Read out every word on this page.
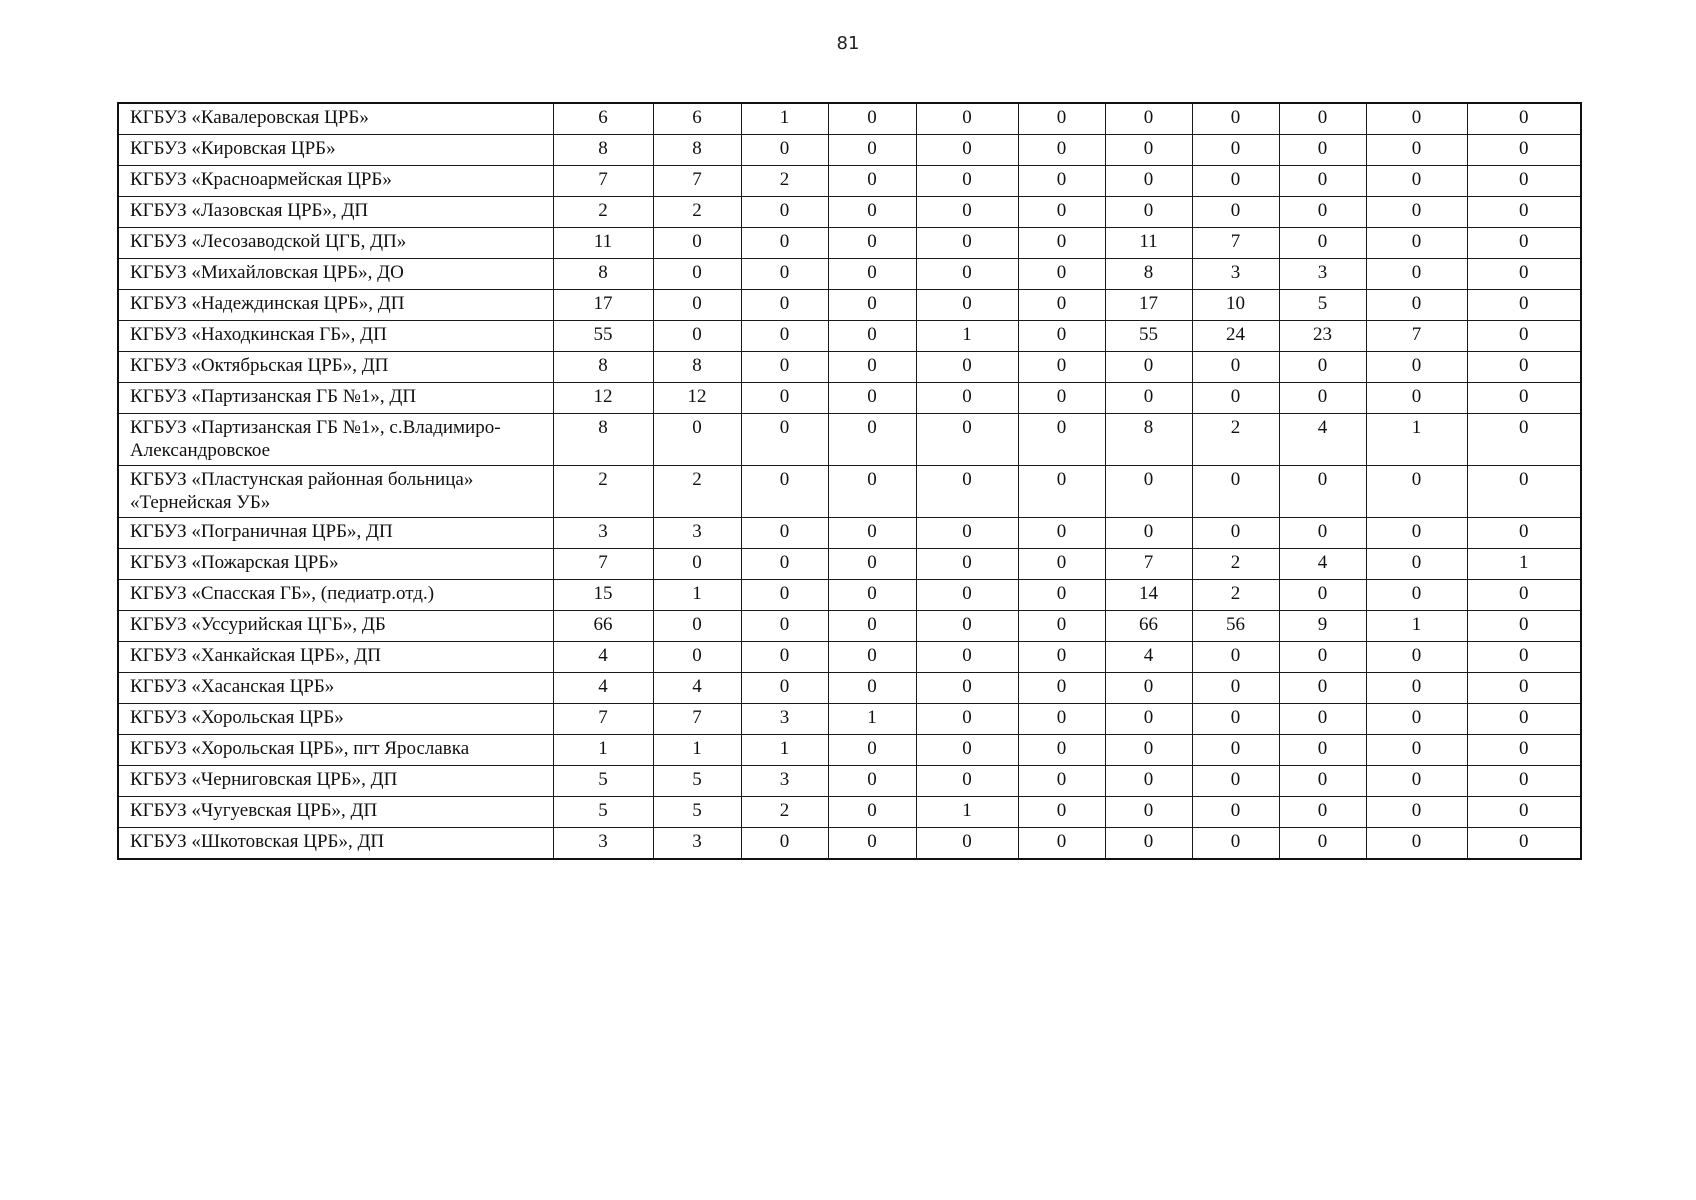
81
КГБУЗ «Кавалеровская ЦРБ»	6	6	1	0	0	0	0	0	0	0	0
КГБУЗ «Кировская ЦРБ»	8	8	0	0	0	0	0	0	0	0	0
КГБУЗ «Красноармейская ЦРБ»	7	7	2	0	0	0	0	0	0	0	0
КГБУЗ «Лазовская ЦРБ», ДП	2	2	0	0	0	0	0	0	0	0	0
КГБУЗ «Лесозаводской ЦГБ, ДП»	11	0	0	0	0	0	11	7	0	0	0
КГБУЗ «Михайловская ЦРБ», ДО	8	0	0	0	0	0	8	3	3	0	0
КГБУЗ «Надеждинская ЦРБ», ДП	17	0	0	0	0	0	17	10	5	0	0
КГБУЗ «Находкинская ГБ», ДП	55	0	0	0	1	0	55	24	23	7	0
КГБУЗ «Октябрьская ЦРБ», ДП	8	8	0	0	0	0	0	0	0	0	0
КГБУЗ «Партизанская ГБ №1», ДП	12	12	0	0	0	0	0	0	0	0	0
КГБУЗ «Партизанская ГБ №1», с.Владимиро-Александровское	8	0	0	0	0	0	8	2	4	1	0
КГБУЗ «Пластунская районная больница» «Тернейская УБ»	2	2	0	0	0	0	0	0	0	0	0
КГБУЗ «Пограничная ЦРБ», ДП	3	3	0	0	0	0	0	0	0	0	0
КГБУЗ «Пожарская ЦРБ»	7	0	0	0	0	0	7	2	4	0	1
КГБУЗ «Спасская ГБ», (педиатр.отд.)	15	1	0	0	0	0	14	2	0	0	0
КГБУЗ «Уссурийская ЦГБ», ДБ	66	0	0	0	0	0	66	56	9	1	0
КГБУЗ «Ханкайская ЦРБ», ДП	4	0	0	0	0	0	4	0	0	0	0
КГБУЗ «Хасанская ЦРБ»	4	4	0	0	0	0	0	0	0	0	0
КГБУЗ «Хорольская ЦРБ»	7	7	3	1	0	0	0	0	0	0	0
КГБУЗ «Хорольская ЦРБ», пгт Ярославка	1	1	1	0	0	0	0	0	0	0	0
КГБУЗ «Черниговская ЦРБ», ДП	5	5	3	0	0	0	0	0	0	0	0
КГБУЗ «Чугуевская ЦРБ», ДП	5	5	2	0	1	0	0	0	0	0	0
КГБУЗ «Шкотовская ЦРБ», ДП	3	3	0	0	0	0	0	0	0	0	0
